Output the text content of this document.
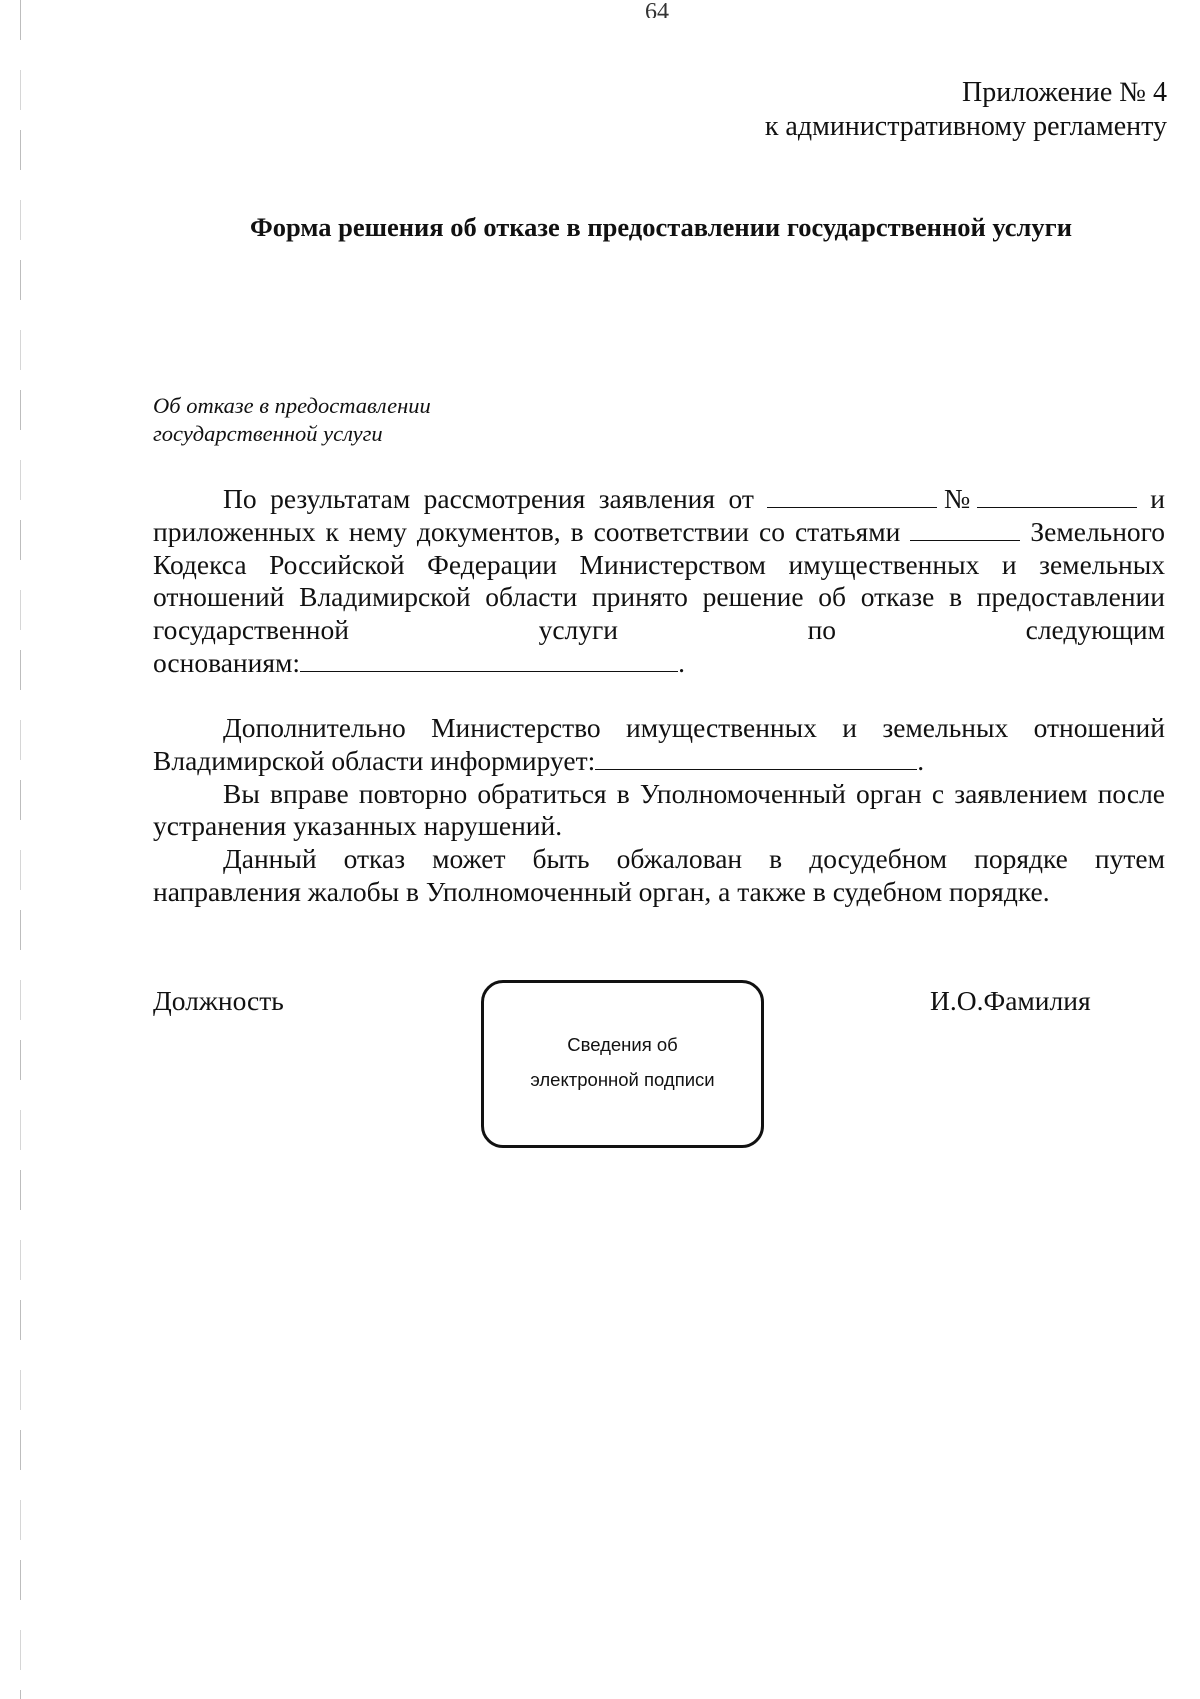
64
Приложение № 4
к административному регламенту
Форма решения об отказе в предоставлении государственной услуги
Об отказе в предоставлении
государственной услуги
По результатам рассмотрения заявления от	№	и
приложенных к нему документов, в соответствии со статьями	Земельного
Кодекса Российской Федерации Министерством имущественных и земельных
отношений Владимирской области принято решение об отказе в предоставлении
государственной услуги по следующим
основаниям:	.
Дополнительно Министерство имущественных и земельных отношений
Владимирской области информирует:	.
Вы вправе повторно обратиться в Уполномоченный орган с заявлением после
устранения указанных нарушений.
Данный отказ может быть обжалован в досудебном порядке путем
направления жалобы в Уполномоченный орган, а также в судебном порядке.
Должность
Сведения об
электронной подписи
И.О.Фамилия
